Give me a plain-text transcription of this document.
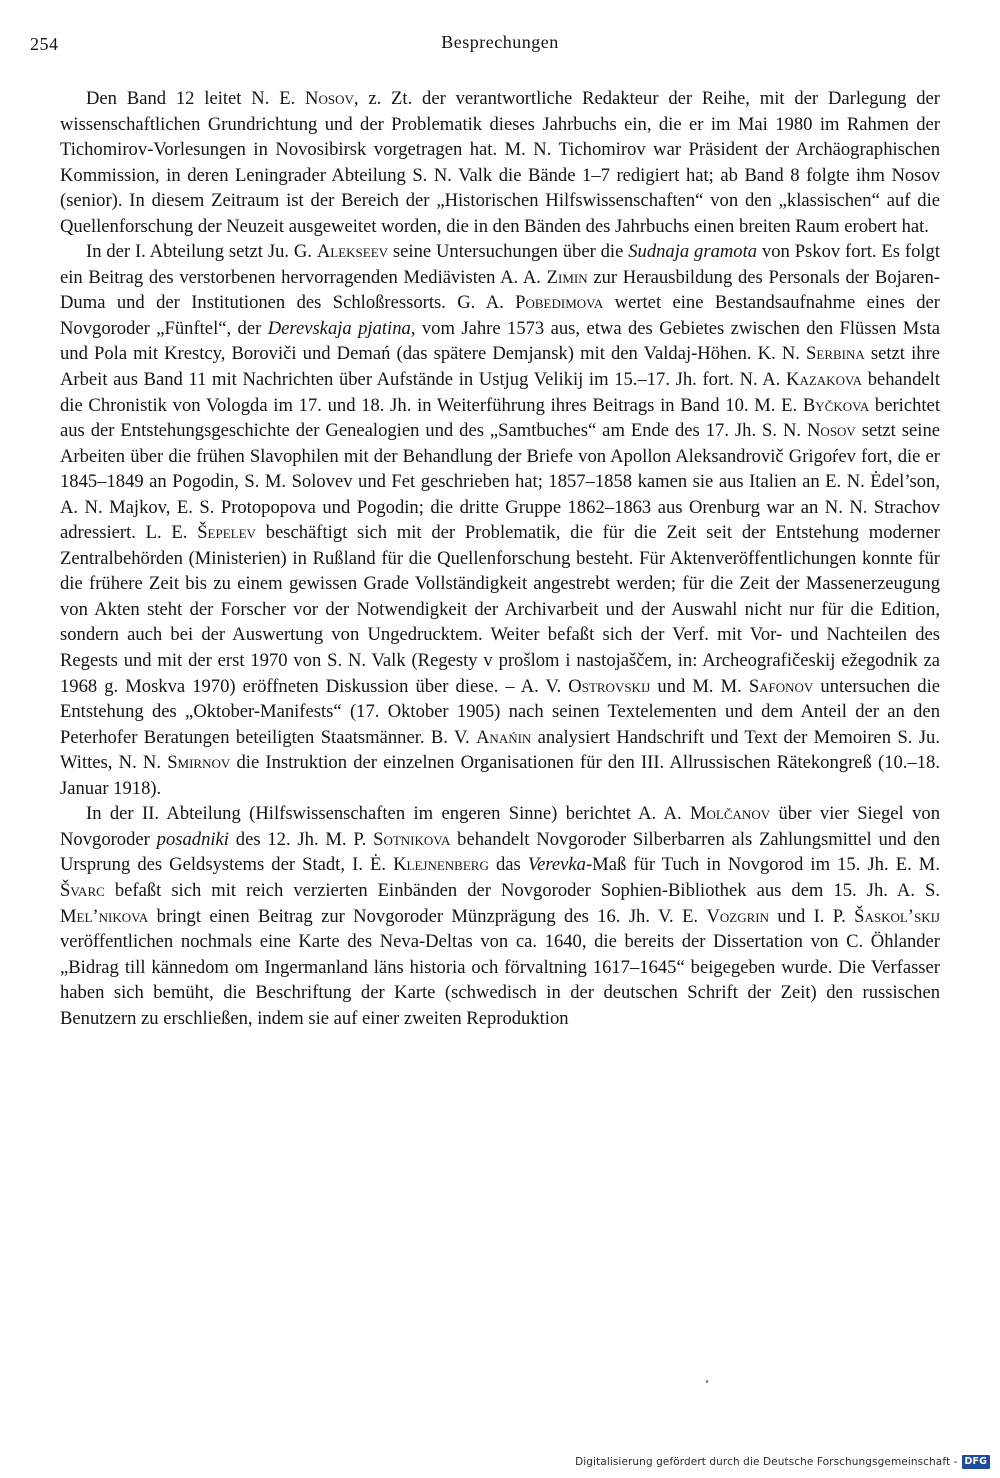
254	Besprechungen

Den Band 12 leitet N. E. Nosov, z. Zt. der verantwortliche Redakteur der Reihe, mit der Darlegung der wissenschaftlichen Grundrichtung und der Problematik dieses Jahrbuchs ein, die er im Mai 1980 im Rahmen der Tichomirov-Vorlesungen in Novosibirsk vorgetragen hat. M. N. Tichomirov war Präsident der Archäographischen Kommission, in deren Leningrader Abteilung S. N. Valk die Bände 1–7 redigiert hat; ab Band 8 folgte ihm Nosov (senior). In diesem Zeitraum ist der Bereich der „Historischen Hilfswissenschaften“ von den „klassischen“ auf die Quellenforschung der Neuzeit ausgeweitet worden, die in den Bänden des Jahrbuchs einen breiten Raum erobert hat.

In der I. Abteilung setzt Ju. G. Alekseev seine Untersuchungen über die Sudnaja gramota von Pskov fort. Es folgt ein Beitrag des verstorbenen hervorragenden Mediävisten A. A. Zimin zur Herausbildung des Personals der Bojaren-Duma und der Institutionen des Schloßressorts. G. A. Pobedimova wertet eine Bestandsaufnahme eines der Novgoroder „Fünftel“, der Derevskaja pjatina, vom Jahre 1573 aus, etwa des Gebietes zwischen den Flüssen Msta und Pola mit Krestcy, Boroviči und Demań (das spätere Demjansk) mit den Valdaj-Höhen. K. N. Serbina setzt ihre Arbeit aus Band 11 mit Nachrichten über Aufstände in Ustjug Velikij im 15.–17. Jh. fort. N. A. Kazakova behandelt die Chronistik von Vologda im 17. und 18. Jh. in Weiterführung ihres Beitrags in Band 10. M. E. Byčkova berichtet aus der Entstehungsgeschichte der Genealogien und des „Samtbuches“ am Ende des 17. Jh. S. N. Nosov setzt seine Arbeiten über die frühen Slavophilen mit der Behandlung der Briefe von Apollon Aleksandrovič Grigoŕev fort, die er 1845–1849 an Pogodin, S. M. Solovev und Fet geschrieben hat; 1857–1858 kamen sie aus Italien an E. N. Ėdel’son, A. N. Majkov, E. S. Protopopova und Pogodin; die dritte Gruppe 1862–1863 aus Orenburg war an N. N. Strachov adressiert. L. E. Šepelev beschäftigt sich mit der Problematik, die für die Zeit seit der Entstehung moderner Zentralbehörden (Ministerien) in Rußland für die Quellenforschung besteht. Für Aktenveröffentlichungen konnte für die frühere Zeit bis zu einem gewissen Grade Vollständigkeit angestrebt werden; für die Zeit der Massenerzeugung von Akten steht der Forscher vor der Notwendigkeit der Archivarbeit und der Auswahl nicht nur für die Edition, sondern auch bei der Auswertung von Ungedrucktem. Weiter befaßt sich der Verf. mit Vor- und Nachteilen des Regests und mit der erst 1970 von S. N. Valk (Regesty v prošlom i nastojaščem, in: Archeografičeskij ežegodnik za 1968 g. Moskva 1970) eröffneten Diskussion über diese. – A. V. Ostrovskij und M. M. Safonov untersuchen die Entstehung des „Oktober-Manifests“ (17. Oktober 1905) nach seinen Textelementen und dem Anteil der an den Peterhofer Beratungen beteiligten Staatsmänner. B. V. Anańin analysiert Handschrift und Text der Memoiren S. Ju. Wittes, N. N. Smirnov die Instruktion der einzelnen Organisationen für den III. Allrussischen Rätekongreß (10.–18. Januar 1918).

In der II. Abteilung (Hilfswissenschaften im engeren Sinne) berichtet A. A. Molčanov über vier Siegel von Novgoroder posadniki des 12. Jh. M. P. Sotnikova behandelt Novgoroder Silberbarren als Zahlungsmittel und den Ursprung des Geldsystems der Stadt, I. Ė. Klejnenberg das Verevka-Maß für Tuch in Novgorod im 15. Jh. E. M. Švarc befaßt sich mit reich verzierten Einbänden der Novgoroder Sophien-Bibliothek aus dem 15. Jh. A. S. Mel’nikova bringt einen Beitrag zur Novgoroder Münzprägung des 16. Jh. V. E. Vozgrin und I. P. Šaskol’skij veröffentlichen nochmals eine Karte des Neva-Deltas von ca. 1640, die bereits der Dissertation von C. Öhlander „Bidrag till kännedom om Ingermanland läns historia och förvaltning 1617–1645“ beigegeben wurde. Die Verfasser haben sich bemüht, die Beschriftung der Karte (schwedisch in der deutschen Schrift der Zeit) den russischen Benutzern zu erschließen, indem sie auf einer zweiten Reproduktion

Digitalisierung gefördert durch die Deutsche Forschungsgemeinschaft - DFG
